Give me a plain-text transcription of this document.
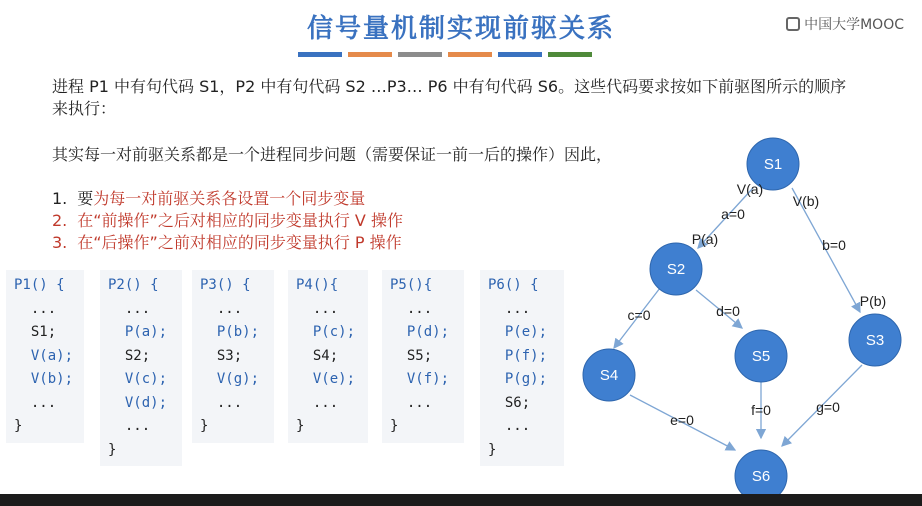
信号量机制实现前驱关系	中国大学MOOC
进程 P1 中有句代码 S1，P2 中有句代码 S2 …P3… P6 中有句代码 S6。这些代码要求按如下前驱图所示的顺序来执行：
其实每一对前驱关系都是一个进程同步问题（需要保证一前一后的操作）因此，
1. 要为每一对前驱关系各设置一个同步变量
2. 在“前操作”之后对相应的同步变量执行 V 操作
3. 在“后操作”之前对相应的同步变量执行 P 操作
P1() {
...
S1;
V(a);
V(b);
...
}
P2() {
...
P(a);
S2;
V(c);
V(d);
...
}
P3() {
...
P(b);
S3;
V(g);
...
}
P4(){
...
P(c);
S4;
V(e);
...
}
P5(){
...
P(d);
S5;
V(f);
...
}
P6() {
...
P(e);
P(f);
P(g);
S6;
...
}
S1
S2
S3
S4
S5
S6
V(a)
a=0
P(a)
V(b)
b=0
P(b)
c=0	d=0
e=0
f=0	g=0
